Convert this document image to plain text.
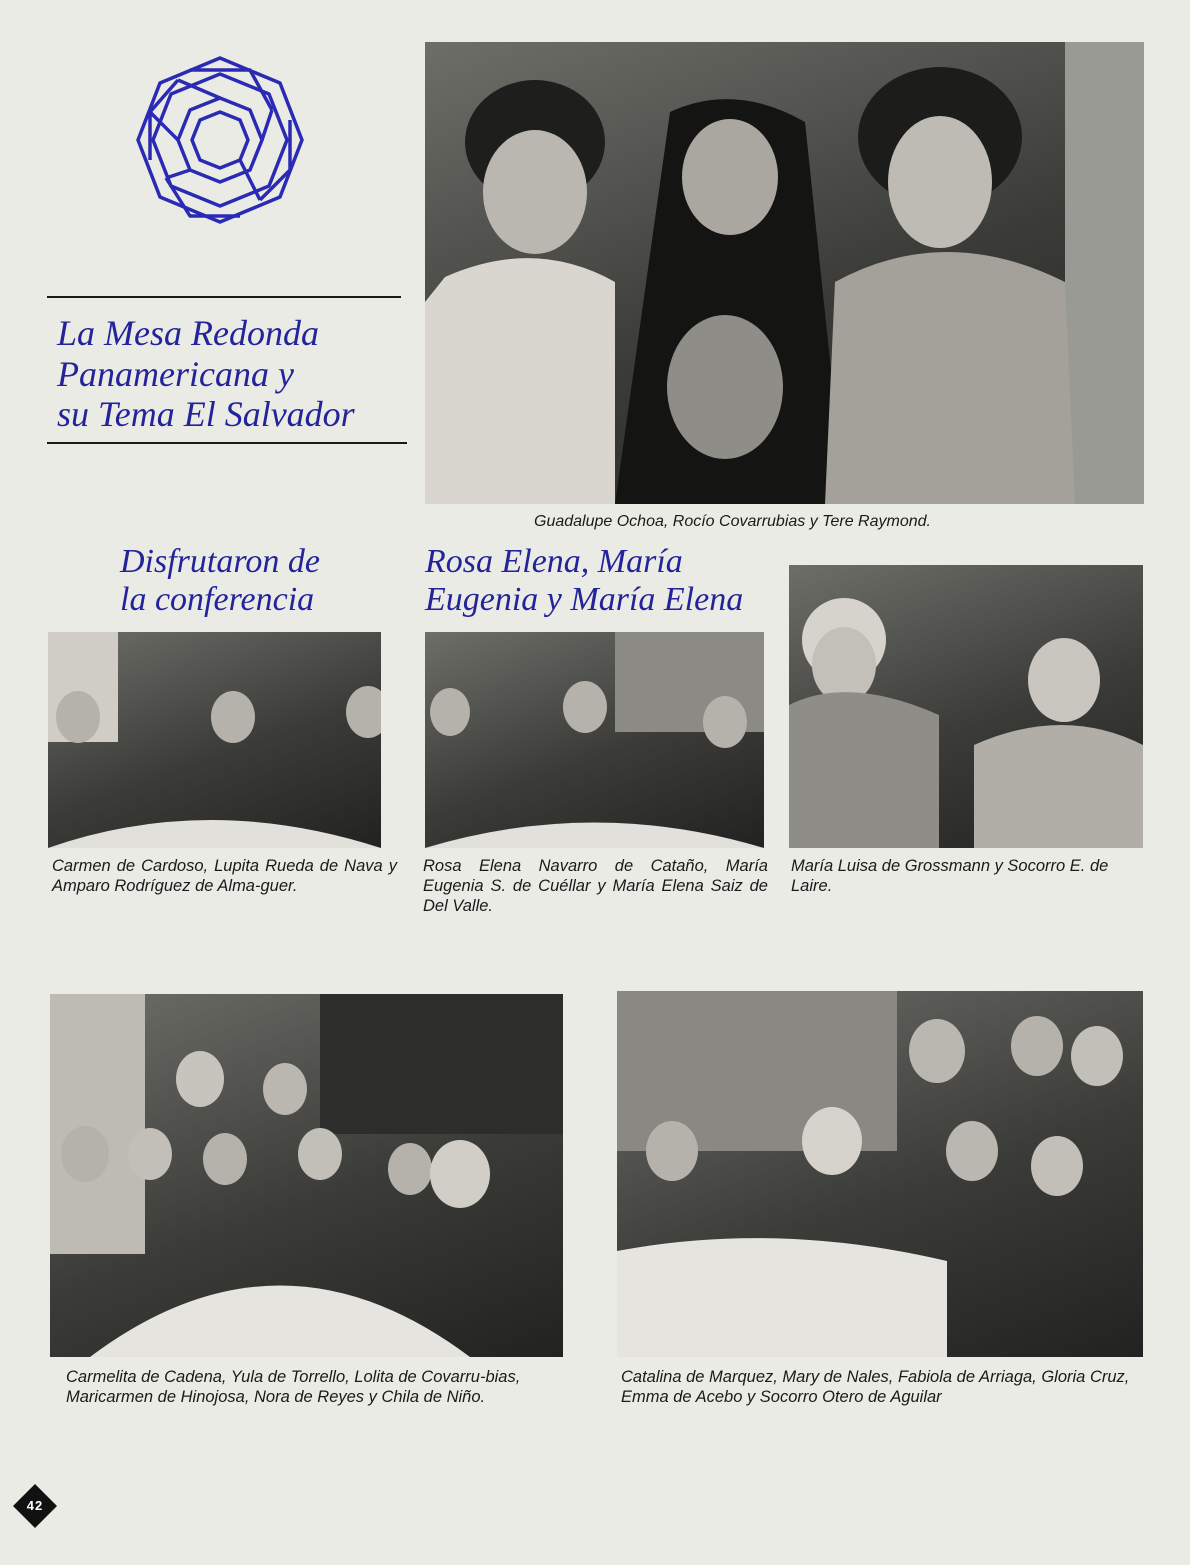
La Mesa Redonda
Panamericana y
su Tema El Salvador
Guadalupe Ochoa, Rocío Covarrubias y Tere Raymond.
Disfrutaron de
la conferencia
Rosa Elena, María
Eugenia y María Elena
Carmen de Cardoso, Lupita Rueda de Nava y Amparo Rodríguez de Alma-guer.
Rosa Elena Navarro de Cataño, María Eugenia S. de Cuéllar y María Elena Saiz de Del Valle.
María Luisa de Grossmann y Socorro E. de Laire.
Carmelita de Cadena, Yula de Torrello, Lolita de Covarru-bias, Maricarmen de Hinojosa, Nora de Reyes y Chila de Niño.
Catalina de Marquez, Mary de Nales, Fabiola de Arriaga, Gloria Cruz, Emma de Acebo y Socorro Otero de Aguilar
42
